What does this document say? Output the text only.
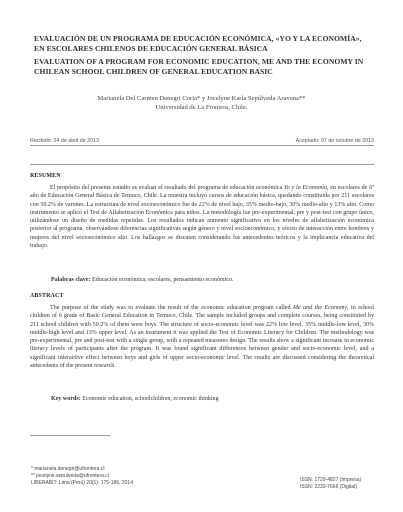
EVALUACIÓN DE UN PROGRAMA DE EDUCACIÓN ECONÓMICA, «YO Y LA ECONOMÍA», EN ESCOLARES CHILENOS DE EDUCACIÓN GENERAL BÁSICA
EVALUATION OF A PROGRAM FOR ECONOMIC EDUCATION, ME AND THE ECONOMY IN CHILEAN SCHOOL CHILDREN OF GENERAL EDUCATION BASIC
Marianela Del Carmen Denegri Coria* y Jocelyne Karla Sepúlveda Aravena**
Universidad de La Frontera, Chile.
Recibido: 24 de abril de 2013	Aceptado: 07 de octubre de 2013
RESUMEN
El propósito del presente estudio es evaluar el resultado del programa de educación económica Yo y la Economía, en escolares de 6º año de Educación General Básica de Temuco, Chile. La muestra incluyó cursos de educación básica, quedando constituida por 211 escolares con 50.2% de varones. La estructura de nivel socioeconómico fue de 22% de nivel bajo, 35% medio-bajo, 30% medio-alto y 13% alto. Como instrumento se aplicó el Test de Alfabetización Económica para niños. La metodología fue pre-experimental, pre y post-test con grupo único, utilizándose un diseño de medidas repetidas. Los resultados indican aumento significativo en los niveles de alfabetización económica posterior al programa, observándose diferencias significativas según género y nivel socioeconómico, y efecto de interacción entre hombres y mujeres del nivel socioeconómico alto. Los hallazgos se discuten considerando los antecedentes teóricos y la implicancia educativa del trabajo.
Palabras clave: Educación económica, escolares, pensamiento económico.
ABSTRACT
The purpose of the study was to evaluate the result of the economic education program called Me and the Economy, in school children of 6 grade of Basic General Education in Temuco, Chile. The sample included groups and complete courses, being constituted by 211 school children with 50.2% of them were boys. The structure of socio-economic level was 22% low level, 35% middle-low level, 30% middle-high level and 13% upper level. As an instrument it was applied the Test of Economic Literacy for Children. The methodology was pre-experimental, pre and post-test with a single group, with a repeated measures design. The results show a significant increase in economic literacy levels of participants after the program. It was found significant differences between gender and socio-economic level, and a significant interactive effect between boys and girls of upper socio-economic level. The results are discussed considering the theoretical antecedents of the present research.
Key words: Economic education, schoolchildren, economic thinking
* marianela.denegri@ufrontera.cl
** jocelyne.sepulveda@ufrontera.cl
LIBERABIT: Lima (Perú) 20(1): 175-186, 2014	ISSN: 1729-4827 (Impresa)
ISSN: 2233-7666 (Digital)
